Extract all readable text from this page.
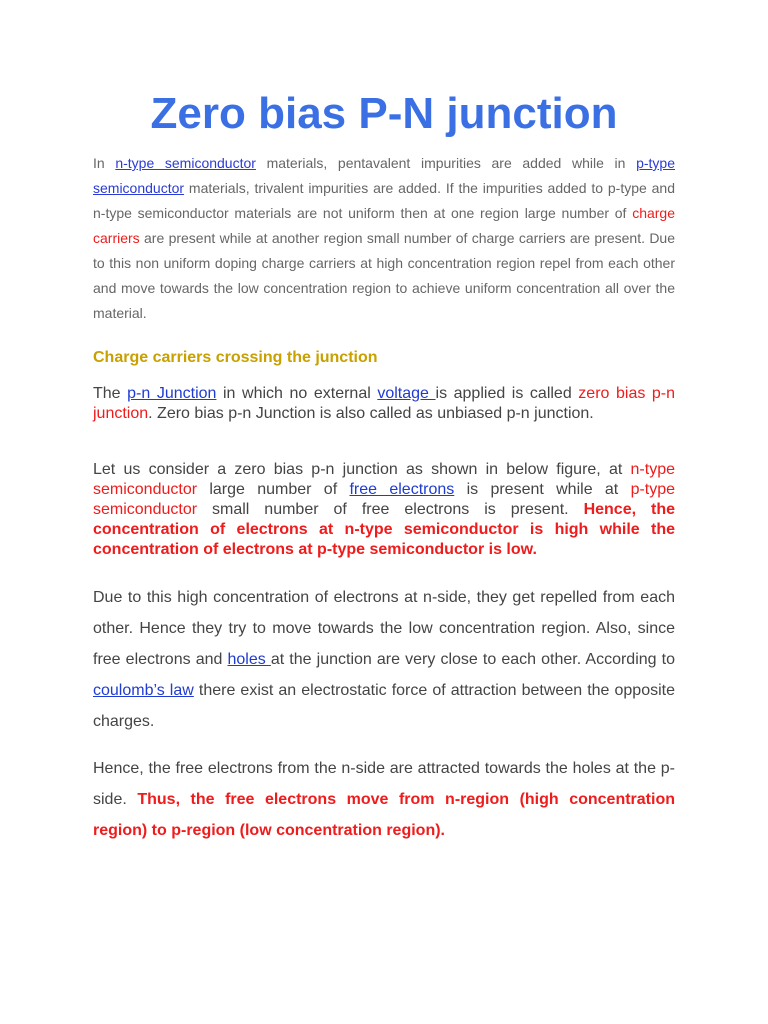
Zero bias P-N junction

In n-type semiconductor materials, pentavalent impurities are added while in p-type semiconductor materials, trivalent impurities are added. If the impurities added to p-type and n-type semiconductor materials are not uniform then at one region large number of charge carriers are present while at another region small number of charge carriers are present. Due to this non uniform doping charge carriers at high concentration region repel from each other and move towards the low concentration region to achieve uniform concentration all over the material.

Charge carriers crossing the junction

The p-n Junction in which no external voltage is applied is called zero bias p-n junction. Zero bias p-n Junction is also called as unbiased p-n junction.

Let us consider a zero bias p-n junction as shown in below figure, at n-type semiconductor large number of free electrons is present while at p-type semiconductor small number of free electrons is present. Hence, the concentration of electrons at n-type semiconductor is high while the concentration of electrons at p-type semiconductor is low.

Due to this high concentration of electrons at n-side, they get repelled from each other. Hence they try to move towards the low concentration region. Also, since free electrons and holes at the junction are very close to each other. According to coulomb’s law there exist an electrostatic force of attraction between the opposite charges.

Hence, the free electrons from the n-side are attracted towards the holes at the p-side. Thus, the free electrons move from n-region (high concentration region) to p-region (low concentration region).
